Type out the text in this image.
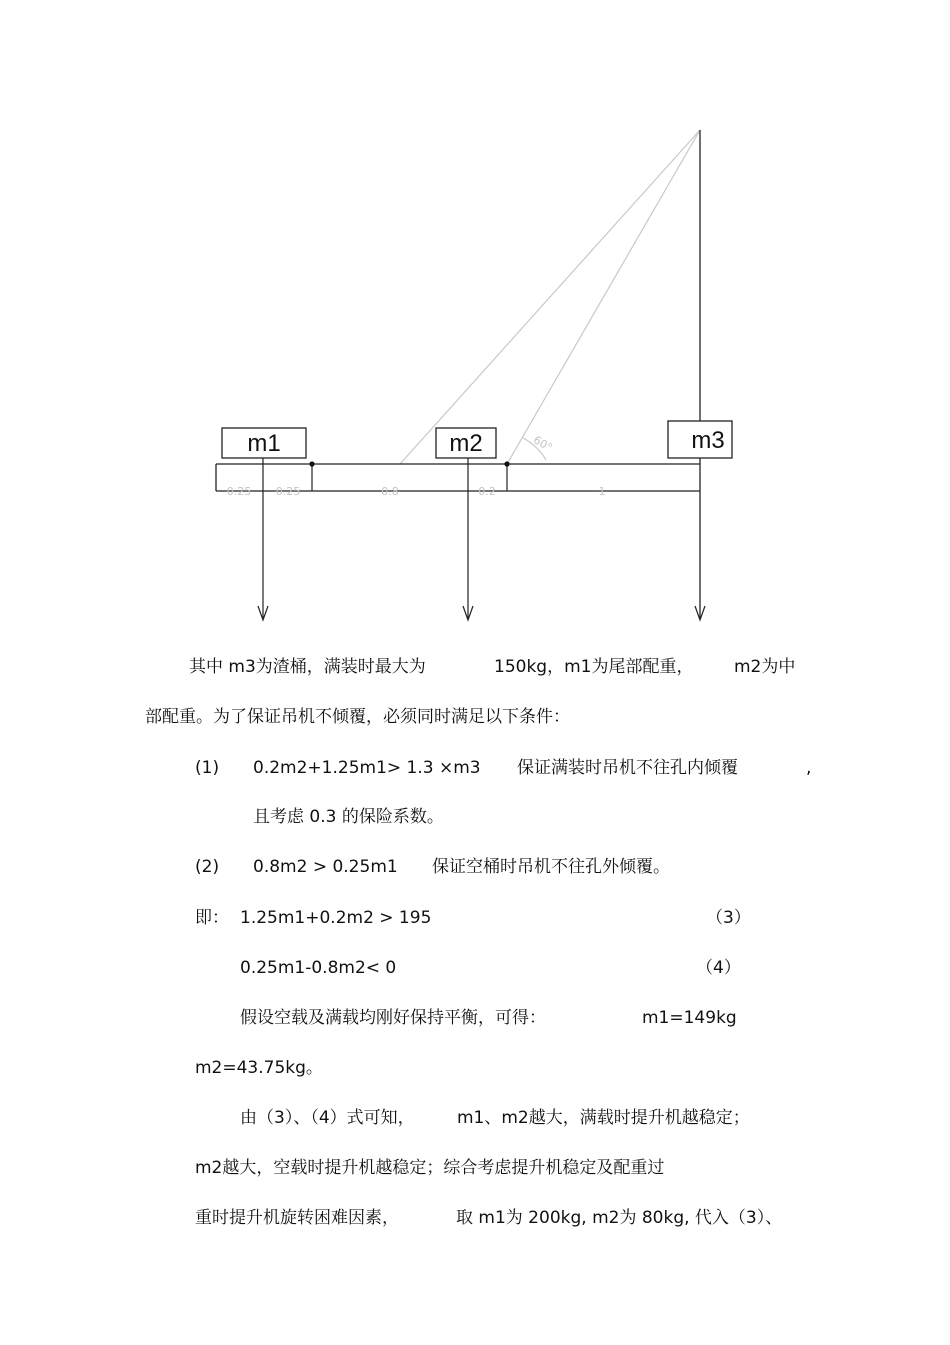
m1	m2	m3
60°
0.25 0.25	0.8	0.2	1
其中 m3为渣桶，满装时最大为	150kg，m1为尾部配重， m2为中
部配重。为了保证吊机不倾覆，必须同时满足以下条件：
(1) 0.2m2+1.25m1> 1.3 ×m3 保证满装时吊机不往孔内倾覆	,
且考虑 0.3 的保险系数。
(2) 0.8m2 > 0.25m1 保证空桶时吊机不往孔外倾覆。
即： 1.25m1+0.2m2 > 195	（3）
0.25m1-0.8m2< 0	（4）
假设空载及满载均刚好保持平衡，可得：	m1=149kg
m2=43.75kg。
由（3）、（4）式可知， m1、m2越大，满载时提升机越稳定；
m2越大，空载时提升机越稳定；综合考虑提升机稳定及配重过
重时提升机旋转困难因素，	取 m1为 200kg, m2为 80kg, 代入（3）、
